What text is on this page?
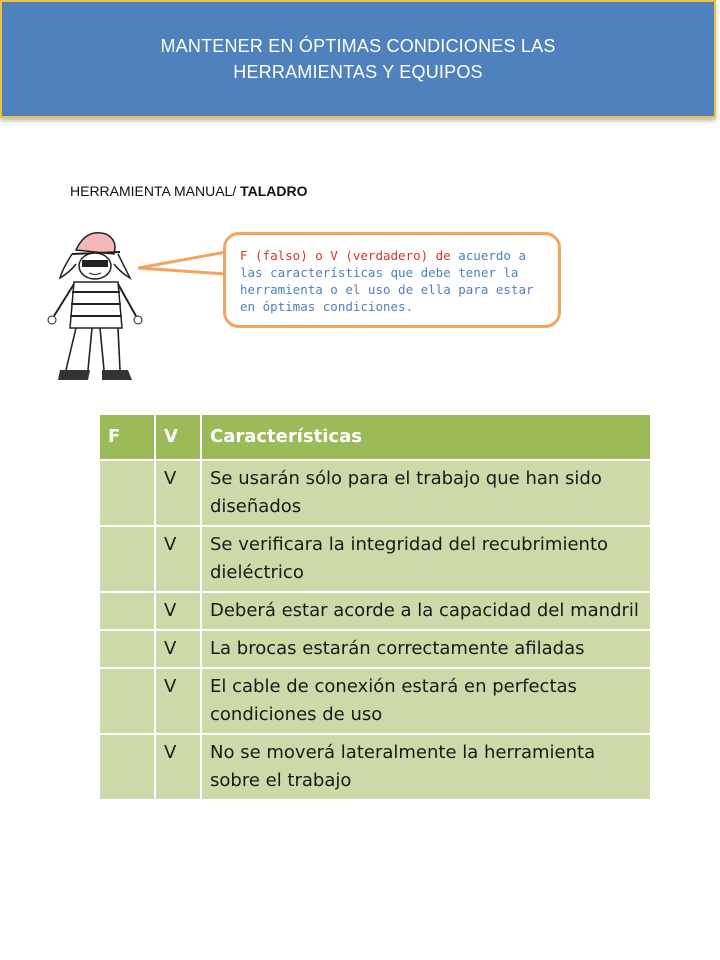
MANTENER EN ÓPTIMAS CONDICIONES LAS
HERRAMIENTAS Y EQUIPOS
HERRAMIENTA MANUAL/ TALADRO
F (falso) o V (verdadero) de acuerdo a las características que debe tener la herramienta o el uso de ella para estar en óptimas condiciones.
F	V	Características
	V	Se usarán sólo para el trabajo que han sido diseñados
	V	Se verificara la integridad del recubrimiento dieléctrico
	V	Deberá estar acorde a la capacidad del mandril
	V	La brocas estarán correctamente afiladas
	V	El cable de conexión estará en perfectas condiciones de uso
	V	No se moverá lateralmente la herramienta sobre el trabajo
